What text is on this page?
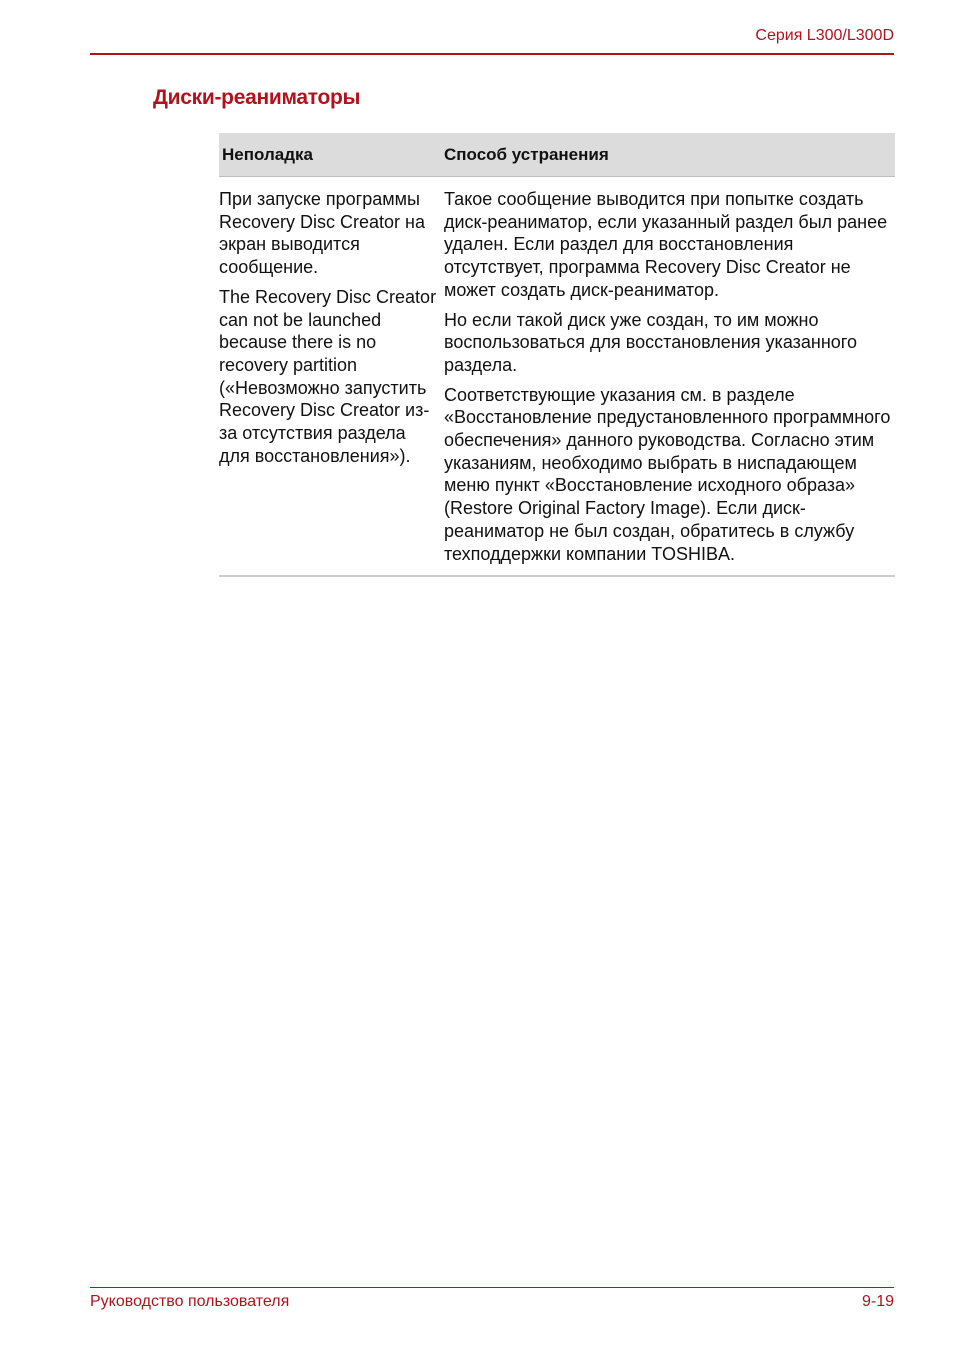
Серия L300/L300D
Диски-реаниматоры
Неполадка	Способ устранения

При запуске программы Recovery Disc Creator на экран выводится сообщение.

The Recovery Disc Creator can not be launched because there is no recovery partition («Невозможно запустить Recovery Disc Creator из-за отсутствия раздела для восстановления»).

Такое сообщение выводится при попытке создать диск-реаниматор, если указанный раздел был ранее удален. Если раздел для восстановления отсутствует, программа Recovery Disc Creator не может создать диск-реаниматор.

Но если такой диск уже создан, то им можно воспользоваться для восстановления указанного раздела.

Соответствующие указания см. в разделе «Восстановление предустановленного программного обеспечения» данного руководства. Согласно этим указаниям, необходимо выбрать в ниспадающем меню пункт «Восстановление исходного образа» (Restore Original Factory Image). Если диск-реаниматор не был создан, обратитесь в службу техподдержки компании TOSHIBA.

Руководство пользователя	9-19
